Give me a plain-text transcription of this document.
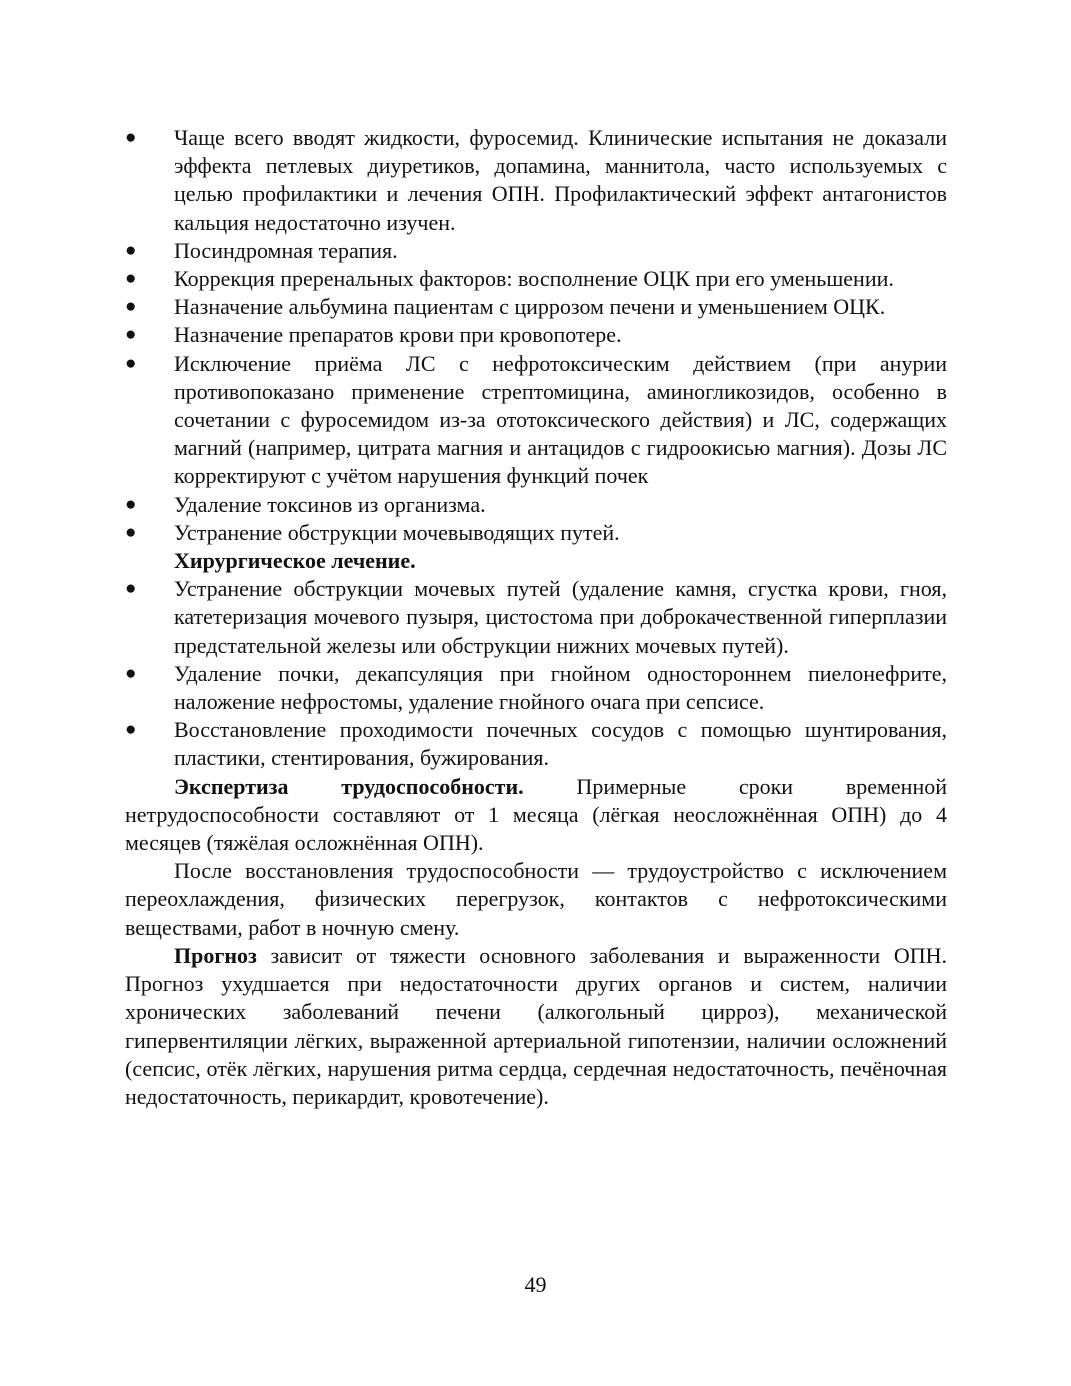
●	Чаще всего вводят жидкости, фуросемид. Клинические испытания не доказали эффекта петлевых диуретиков, допамина, маннитола, часто используемых с целью профилактики и лечения ОПН. Профилактический эффект антагонистов кальция недостаточно изучен.
●	Посиндромная терапия.
●	Коррекция преренальных факторов: восполнение ОЦК при его уменьшении.
●	Назначение альбумина пациентам с циррозом печени и уменьшением ОЦК.
●	Назначение препаратов крови при кровопотере.
●	Исключение приёма ЛС с нефротоксическим действием (при анурии противопоказано применение стрептомицина, аминогликозидов, особенно в сочетании с фуросемидом из-за ототоксического действия) и ЛС, содержащих магний (например, цитрата магния и антацидов с гидроокисью магния). Дозы ЛС корректируют с учётом нарушения функций почек
●	Удаление токсинов из организма.
●	Устранение обструкции мочевыводящих путей.
Хирургическое лечение.
●	Устранение обструкции мочевых путей (удаление камня, сгустка крови, гноя, катетеризация мочевого пузыря, цистостома при доброкачественной гиперплазии предстательной железы или обструкции нижних мочевых путей).
●	Удаление почки, декапсуляция при гнойном одностороннем пиелонефрите, наложение нефростомы, удаление гнойного очага при сепсисе.
●	Восстановление проходимости почечных сосудов с помощью шунтирования, пластики, стентирования, бужирования.

Экспертиза трудоспособности. Примерные сроки временной нетрудоспособности составляют от 1 месяца (лёгкая неосложнённая ОПН) до 4 месяцев (тяжёлая осложнённая ОПН).

После восстановления трудоспособности — трудоустройство с исключением переохлаждения, физических перегрузок, контактов с нефротоксическими веществами, работ в ночную смену.

Прогноз зависит от тяжести основного заболевания и выраженности ОПН. Прогноз ухудшается при недостаточности других органов и систем, наличии хронических заболеваний печени (алкогольный цирроз), механической гипервентиляции лёгких, выраженной артериальной гипотензии, наличии осложнений (сепсис, отёк лёгких, нарушения ритма сердца, сердечная недостаточность, печёночная недостаточность, перикардит, кровотечение).

49
